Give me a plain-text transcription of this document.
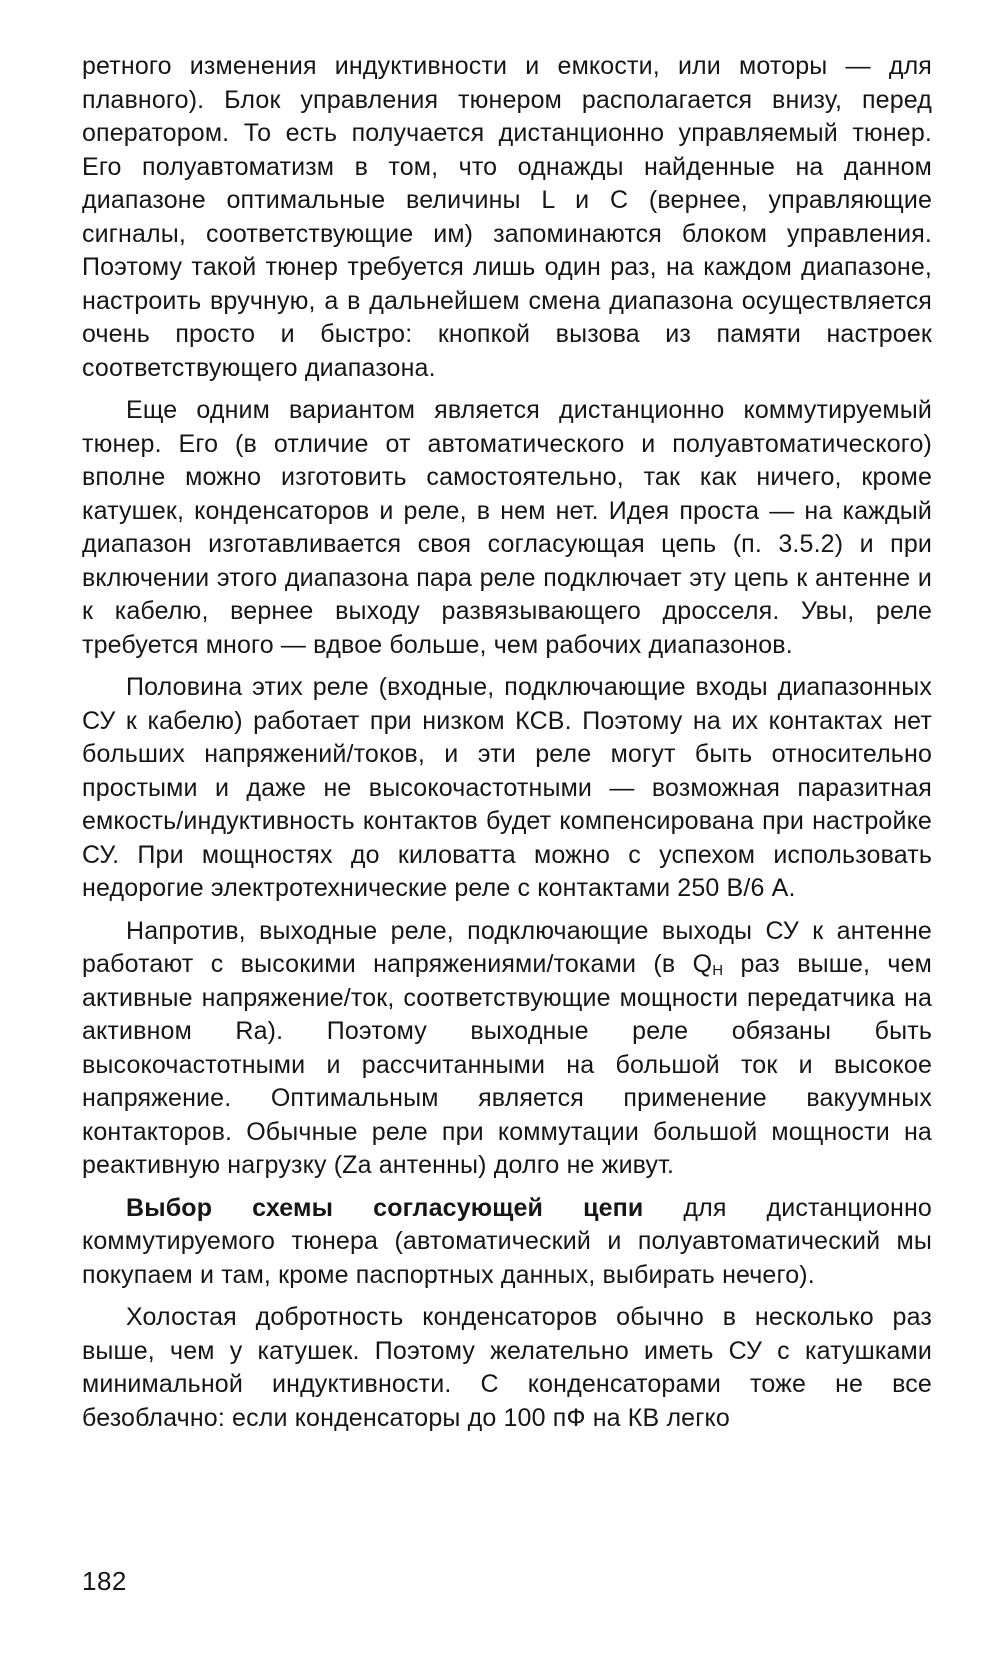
ретного изменения индуктивности и емкости, или моторы — для плавного). Блок управления тюнером располагается внизу, перед оператором. То есть получается дистанционно управляемый тюнер. Его полуавтоматизм в том, что однажды найденные на данном диапазоне оптимальные величины L и С (вернее, управляющие сигналы, соответствующие им) запоминаются блоком управления. Поэтому такой тюнер требуется лишь один раз, на каждом диапазоне, настроить вручную, а в дальнейшем смена диапазона осуществляется очень просто и быстро: кнопкой вызова из памяти настроек соответствующего диапазона.

Еще одним вариантом является дистанционно коммутируемый тюнер. Его (в отличие от автоматического и полуавтоматического) вполне можно изготовить самостоятельно, так как ничего, кроме катушек, конденсаторов и реле, в нем нет. Идея проста — на каждый диапазон изготавливается своя согласующая цепь (п. 3.5.2) и при включении этого диапазона пара реле подключает эту цепь к антенне и к кабелю, вернее выходу развязывающего дросселя. Увы, реле требуется много — вдвое больше, чем рабочих диапазонов.

Половина этих реле (входные, подключающие входы диапазонных СУ к кабелю) работает при низком КСВ. Поэтому на их контактах нет больших напряжений/токов, и эти реле могут быть относительно простыми и даже не высокочастотными — возможная паразитная емкость/индуктивность контактов будет компенсирована при настройке СУ. При мощностях до киловатта можно с успехом использовать недорогие электротехнические реле с контактами 250 В/6 А.

Напротив, выходные реле, подключающие выходы СУ к антенне работают с высокими напряжениями/токами (в $Q_H$ раз выше, чем активные напряжение/ток, соответствующие мощности передатчика на активном Ra). Поэтому выходные реле обязаны быть высокочастотными и рассчитанными на большой ток и высокое напряжение. Оптимальным является применение вакуумных контакторов. Обычные реле при коммутации большой мощности на реактивную нагрузку (Za антенны) долго не живут.

Выбор схемы согласующей цепи для дистанционно коммутируемого тюнера (автоматический и полуавтоматический мы покупаем и там, кроме паспортных данных, выбирать нечего).

Холостая добротность конденсаторов обычно в несколько раз выше, чем у катушек. Поэтому желательно иметь СУ с катушками минимальной индуктивности. С конденсаторами тоже не все безоблачно: если конденсаторы до 100 пФ на КВ легко

182
